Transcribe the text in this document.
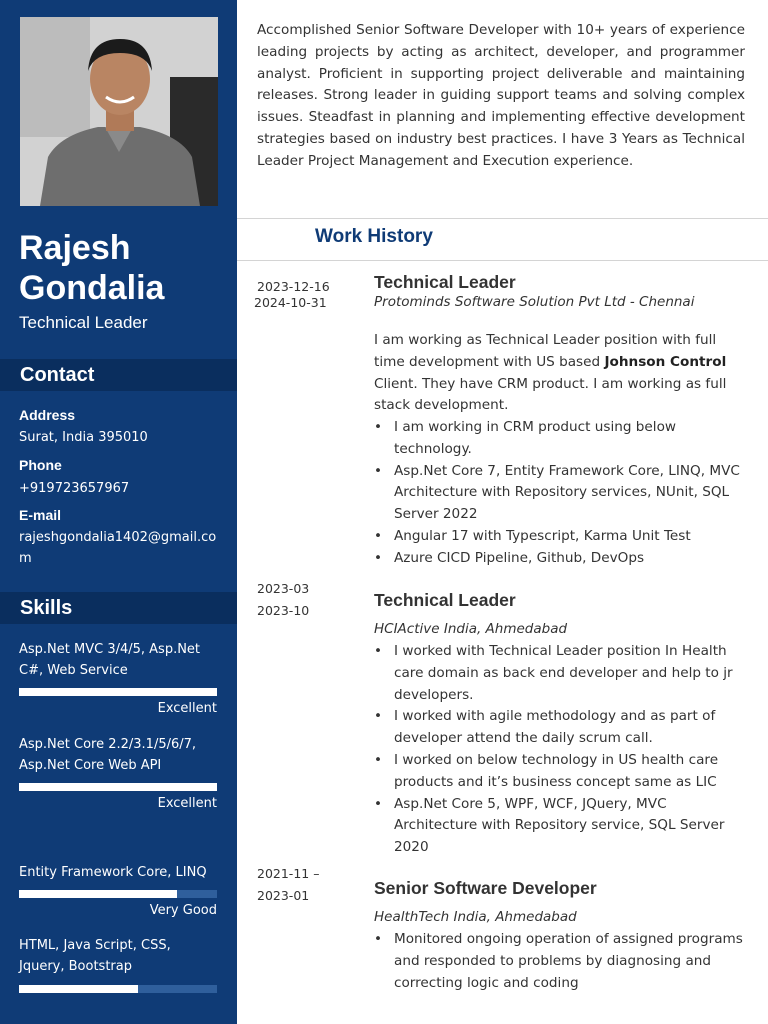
Rajesh
Gondalia
Technical Leader
Contact
Address
Surat, India 395010
Phone
+919723657967
E-mail
rajeshgondalia1402@gmail.com
Skills
Asp.Net MVC 3/4/5, Asp.Net C#, Web Service
Excellent
Asp.Net Core 2.2/3.1/5/6/7, Asp.Net Core Web API
Excellent
Entity Framework Core, LINQ
Very Good
HTML, Java Script, CSS, Jquery, Bootstrap

Accomplished Senior Software Developer with 10+ years of experience leading projects by acting as architect, developer, and programmer analyst. Proficient in supporting project deliverable and maintaining releases. Strong leader in guiding support teams and solving complex issues. Steadfast in planning and implementing effective development strategies based on industry best practices. I have 3 Years as Technical Leader Project Management and Execution experience.

Work History
2023-12-16
2024-10-31
Technical Leader
Protominds Software Solution Pvt Ltd - Chennai

I am working as Technical Leader position with full time development with US based Johnson Control Client. They have CRM product. I am working as full stack development.

• I am working in CRM product using below technology.
• Asp.Net Core 7, Entity Framework Core, LINQ, MVC Architecture with Repository services, NUnit, SQL Server 2022
• Angular 17 with Typescript, Karma Unit Test
• Azure CICD Pipeline, Github, DevOps
2023-03
2023-10
Technical Leader
HCIActive India, Ahmedabad
• I worked with Technical Leader position In Health care domain as back end developer and help to jr developers.
• I worked with agile methodology and as part of developer attend the daily scrum call.
• I worked on below technology in US health care products and it’s business concept same as LIC
• Asp.Net Core 5, WPF, WCF, JQuery, MVC Architecture with Repository service, SQL Server 2020
2021-11 –
2023-01	Senior Software Developer
HealthTech India, Ahmedabad
• Monitored ongoing operation of assigned programs and responded to problems by diagnosing and correcting logic and coding
